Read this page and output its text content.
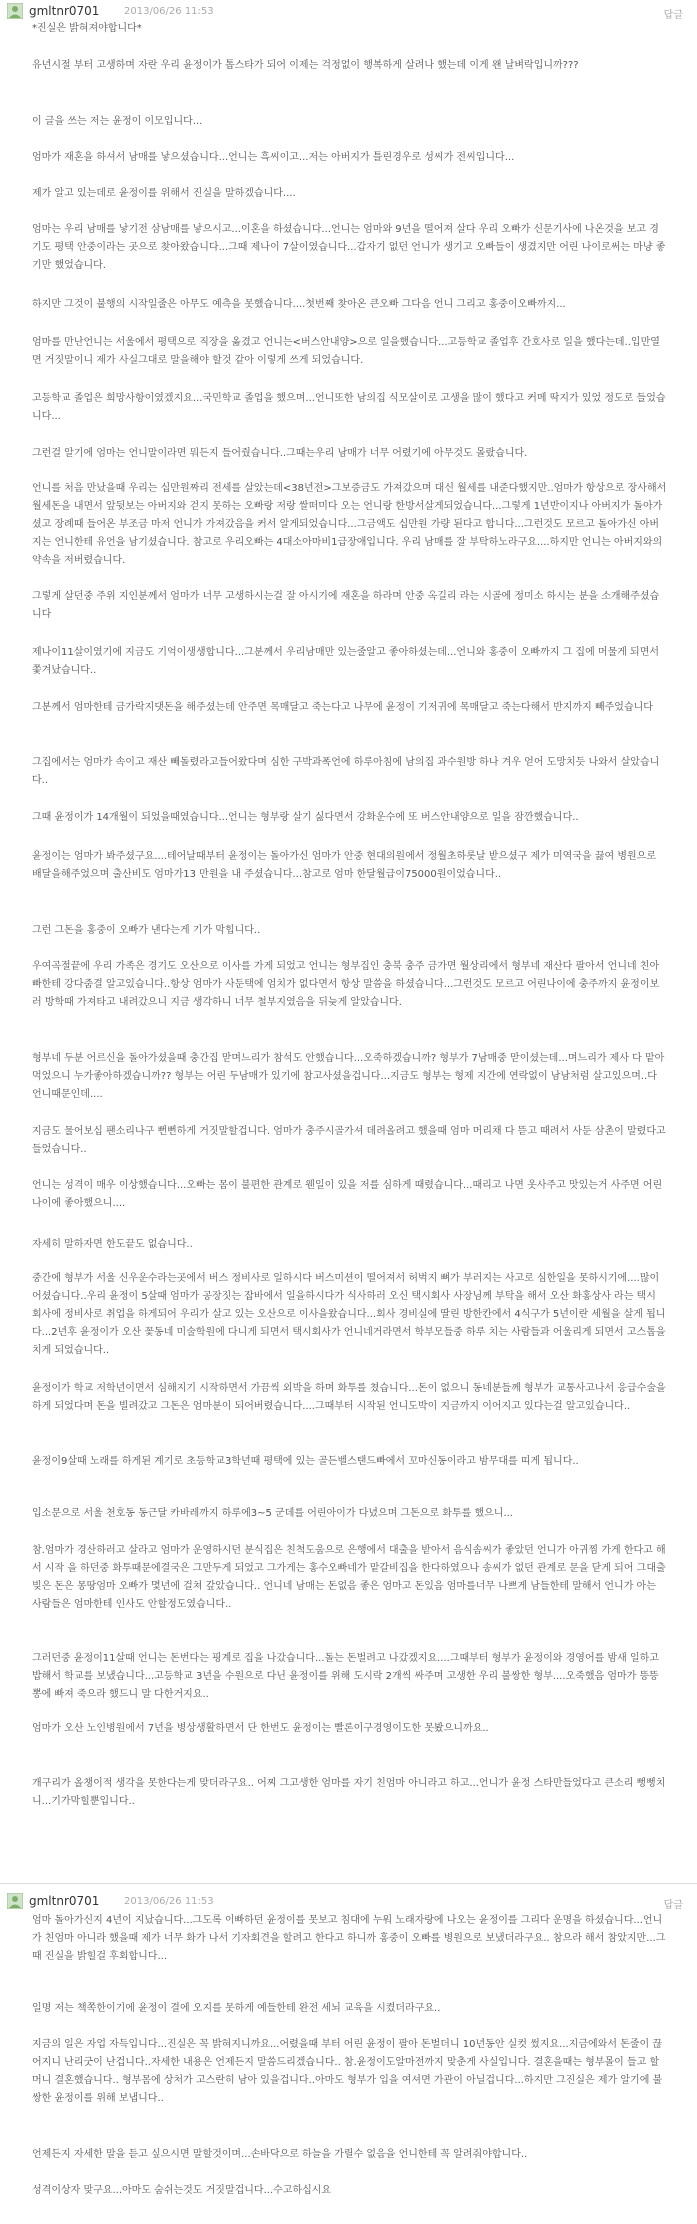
gmltnr0701 2013/06/26 11:53	답글

*진실은 밝혀져야합니다*

유년시절 부터 고생하며 자란 우리 윤정이가 톱스타가 되어 이제는 걱정없이 행복하게 살려나 했는데 이게 왠 날벼락입니까???

이 글을 쓰는 저는 윤정이 이모입니다...

엄마가 재혼을 하셔서 남매를 낳으셨습니다...언니는 흑씨이고...저는 아버지가 틀린경우로 성씨가 전씨입니다...

제가 알고 있는데로 윤정이를 위해서 진실을 말하겠습니다....

엄마는 우리 남매를 낳기전 삼남매를 낳으시고...이혼을 하셨습니다...언니는 엄마와 9년을 떨어져 살다 우리 오빠가 신문기사에 나온것을 보고 경기도 평택 안중이라는 곳으로 찾아왔습니다...그때 제나이 7살이였습니다...갑자기 없던 언니가 생기고 오빠들이 생겼지만 어린 나이로써는 마냥 좋기만 했었습니다.

하지만 그것이 불행의 시작일줄은 아무도 예측을 못했습니다....첫번째 찾아온 큰오빠 그다음 언니 그리고 홍중이오빠까지...

엄마를 만난언니는 서울에서 평택으로 직장을 옮겼고 언니는<버스안내양>으로 일을했습니다...고등학교 졸업후 간호사로 일을 했다는데..입만열면 거짓말이니 제가 사실그대로 말을해야 할것 같아 이렇게 쓰게 되었습니다.

고등학교 졸업은 희망사항이였겠지요...국민학교 졸업을 했으며...언니또한 남의집 식모살이로 고생을 많이 했다고 커메 딱지가 있었 정도로 들었습니다...

그런걸 알기에 엄마는 언니말이라면 뭐든지 들어줬습니다..그때는우리 남매가 너무 어렸기에 아무것도 몰랐습니다.

언니를 처음 만났을때 우리는 십만원짜리 전세를 살았는데<38년전>그보증금도 가져갔으며 대신 월세를 내준다했지만..엄마가 항상으로 장사해서 월세돈을 내면서 앞뒷보는 아버지와 걷지 못하는 오빠랑 저랑 쌀떠미다 오는 언니랑 한방서살게되었습니다...그렇게 1년반이지나 아버지가 돌아가셨고 장례때 들어온 부조금 마저 언니가 가져갔음을 커서 알게되었습니다...그금액도 십만원 가량 된다고 합니다...그런것도 모르고 돌아가신 아버지는 언니한테 유언을 남기셨습니다. 참고로 우리오빠는 4대소아마비1급장애입니다. 우리 남매를 잘 부탁하노라구요....하지만 언니는 아버지와의 약속을 저버렸습니다.

그렇게 살던중 주위 지인분께서 엄마가 너무 고생하시는걸 잘 아시기에 재혼을 하라며 안중 옥길리 라는 시골에 정미소 하시는 분을 소개해주셨습니다

제나이11살이였기에 지금도 기억이생생합니다...그분께서 우리남매만 있는줄알고 좋아하셨는데...언니와 홍중이 오빠까지 그 집에 머물게 되면서 쫓겨났습니다..

그분께서 엄마한테 금가락지댓돈을 해주셨는데 안주면 목매달고 죽는다고 나무에 윤정이 기저귀에 목매달고 죽는다해서 반지까지 빼주었습니다

그집에서는 엄마가 속이고 재산 빼돌렸라고들어왔다며 심한 구박과폭언에 하루아침에 남의집 과수원방 하나 겨우 얻어 도망치듯 나와서 살았습니다..

그때 윤정이가 14개월이 되었을때였습니다...언니는 형부랑 살기 싫다면서 강화운수에 또 버스안내양으로 일을 잠깐했습니다..

윤정이는 엄마가 봐주셨구요....테어날때부터 윤정이는 돌아가신 엄마가 안중 현대의원에서 정월초하롯날 받으셨구 제가 미역국을 끓여 병원으로 배달을해주었으며 출산비도 엄마가13 만원을 내 주셨습니다...참고로 엄마 한달월급이75000원이었습니다..

그런 그돈을 홍중이 오빠가 낸다는게 기가 막힙니다..

우여곡절끝에 우리 가족은 경기도 오산으로 이사를 가게 되었고 언니는 형부집인 충북 충주 금가면 월상리에서 형부네 재산다 팔아서 언니네 친아빠한테 강다줌결 알고있습니다..항상 엄마가 사둔택에 엄치가 없다면서 항상 말씀을 하셨습니다...그런것도 모르고 어린나이에 충주까지 윤정이보러 방학때 가져타고 내려갔으니 지금 생각하니 너무 철부지였음을 뒤늦게 알았습니다.

형부네 두분 어르신을 돌아가셨을때 충간집 맏며느리가 참석도 안했습니다...오죽하겠습니까? 형부가 7남매중 맏이셨는데...며느리가 제사 다 맡아먹었으니 누가좋아하겠습니까?? 형부는 어린 두남매가 있기에 참고사셨을겁니다...지금도 형부는 형제 지간에 연락없이 남남처럼 살고있으며..다 언니때문인데....

지금도 물어보십 팬소리나구 뻔뻔하게 거짓말할겁니다. 엄마가 충주시골가셔 데려올려고 했을때 엄마 머리채 다 뜯고 때려서 사둔 삼촌이 말렸다고 들었습니다..

언니는 성격이 매우 이상했습니다...오빠는 몸이 불편한 관계로 웬일이 있을 저를 심하게 때렸습니다...때리고 나면 옷사주고 맛있는거 사주면 어린 나이에 좋아했으니....

자세히 말하자면 한도끝도 없습니다..

중간에 형부가 서울 신우운수라는곳에서 버스 정비사로 일하시다 버스미션이 떨어져서 허벅지 뼈가 부러지는 사고로 심한일을 못하시기에....많이어셨습니다..우리 윤정이 5살때 엄마가 공장짓는 잡바에서 일을하시다가 식사하러 오신 택시회사 사장님께 부탁을 해서 오산 화홍상사 라는 택시 회사에 정비사로 취업을 하게되어 우리가 살고 있는 오산으로 이사을왔습니다...회사 경비실에 딸린 방한칸에서 4식구가 5년이란 세월을 살게 됩니다...2년후 윤정이가 오산 꽃동네 미술학원에 다니게 되면서 택시회사가 언니네거라면서 학부모들중 하루 치는 사람들과 어울리게 되면서 고스톱을 치게 되었습니다..

윤정이가 학교 저학년이면서 심해지기 시작하면서 가끔씩 외박을 하며 화투를 쳤습니다...돈이 없으니 동네분들께 형부가 교통사고나서 응급수술을 하게 되었다며 돈을 빌려갔고 그돈은 엄마분이 되어버렸습니다....그때부터 시작된 언니도박이 지금까지 이어지고 있다는걸 알고있습니다..

윤정이9살때 노래를 하게된 계기로 초등학교3학년때 평택에 있는 골든벨스탠드빠에서 꼬마신동이라고 밤무대를 띠게 됩니다..

입소문으로 서울 천호동 동근달 카바레까지 하루에3~5 군데를 어린아이가 다녔으며 그돈으로 화투를 했으니...

참.엄마가 경산하러고 살라고 엄마가 운영하시던 분식집은 친척도움으로 은행에서 대출을 받아서 음식솜씨가 좋았던 언니가 아귀찜 가게 한다고 해서 시작 을 하던중 화투때문에결국은 그만두게 되었고 그가게는 홍수오빠네가 맡갈비집을 한다하였으나 송씨가 없던 관계로 문을 닫게 되어 그대출빚은 돈은 몽땅엄마 오빠가 몇년에 걸쳐 갚았습니다.. 언니네 남매는 돈없음 좋은 엄마고 돈있음 엄마를너무 나쁘게 남들한테 말해서 언니가 아는 사람들은 엄마한테 인사도 안할정도였습니다..

그러던중 윤정이11살때 언니는 돈번다는 핑계로 집을 나갔습니다...돌는 돈벌려고 나갔겠지요....그때부터 형부가 윤정이와 경영어를 밤새 일하고 밥해서 학교를 보냈습니다...고등학교 3년을 수원으로 다닌 윤정이를 위해 도시락 2개씩 싸주며 고생한 우리 불쌍한 형부....오죽했음 엄마가 뜽뜽뽕에 빠져 죽으라 했드니 말 다한거지요..

엄마가 오산 노인병원에서 7년을 병상생활하면서 단 한번도 윤정이는 빨론이구경영이도한 못봤으니까요..

개구리가 올챙이적 생각을 못한다는게 맞더라구요.. 어찌 그고생한 엄마를 자기 친엄마 아니라고 하고...언니가 윤정 스타만들었다고 큰소리 뻥뻥치니...기가막힐뿐입니다..

gmltnr0701 2013/06/26 11:53	답글

엄마 돌아가신지 4년이 지났습니다...그도록 이빠하던 윤정이를 못보고 침대에 누워 노래자랑에 나오는 윤정이를 그리다 운명을 하셨습니다...언니가 친엄마 아니라 했을때 제가 너무 화가 나서 기자회견을 할려고 한다고 하니까 홍중이 오빠를 병원으로 보냈더라구요.. 참으라 해서 참았지만...그때 진실을 밝힐걸 후회합니다...

일명 저는 책쪽한이기에 윤정이 결에 오지를 못하게 예들한테 완전 세뇌 교육을 시켰더라구요..

지금의 일은 자업 자득입니다...진실은 꼭 밝혀지니까요...어렸을때 부터 어린 윤정이 팔아 돈벌더니 10년동안 실컷 썼지요...지금에와서 돈줄이 끊어지니 난리굿이 난겁니다..자세한 내용은 언제든지 말씀드리겠습니다.. 참.윤정이도알마전까지 맞춘게 사실입니다. 결혼을때는 형부몰이 들고 할머니 결혼했습니다.. 형부몸에 상처가 고스란히 남아 있을겁니다..아마도 형부가 입을 여셔면 가관이 아닐겁니다...하지만 그진실은 제가 알기에 불쌍한 윤정이를 위해 보냅니다..

언제든지 자세한 말을 듣고 싶으시면 말할것이며...손바닥으로 하늘을 가릴수 없음을 언니한테 꼭 알려줘야합니다..

성격이상자 맞구요...아마도 숨쉬는것도 거짓말겁니다...수고하십시요
